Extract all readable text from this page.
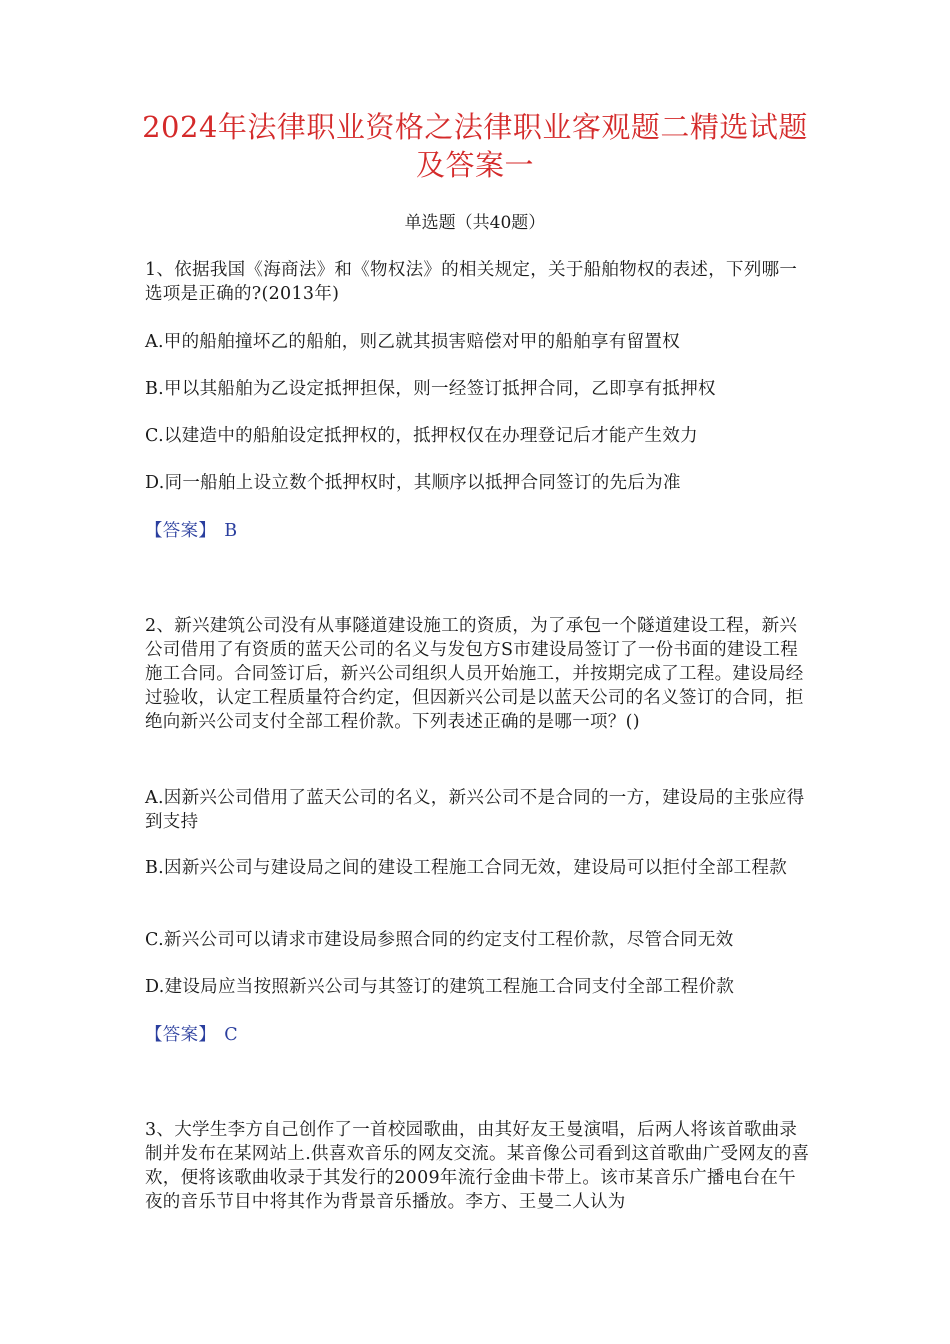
2024年法律职业资格之法律职业客观题二精选试题
及答案一
单选题（共40题）
1、依据我国《海商法》和《物权法》的相关规定，关于船舶物权的表述，下列哪一选项是正确的?(2013年)
A.甲的船舶撞坏乙的船舶，则乙就其损害赔偿对甲的船舶享有留置权
B.甲以其船舶为乙设定抵押担保，则一经签订抵押合同，乙即享有抵押权
C.以建造中的船舶设定抵押权的，抵押权仅在办理登记后才能产生效力
D.同一船舶上设立数个抵押权时，其顺序以抵押合同签订的先后为准
【答案】 B
2、新兴建筑公司没有从事隧道建设施工的资质，为了承包一个隧道建设工程，新兴公司借用了有资质的蓝天公司的名义与发包方S市建设局签订了一份书面的建设工程施工合同。合同签订后，新兴公司组织人员开始施工，并按期完成了工程。建设局经过验收，认定工程质量符合约定，但因新兴公司是以蓝天公司的名义签订的合同，拒绝向新兴公司支付全部工程价款。下列表述正确的是哪一项？()
A.因新兴公司借用了蓝天公司的名义，新兴公司不是合同的一方，建设局的主张应得到支持
B.因新兴公司与建设局之间的建设工程施工合同无效，建设局可以拒付全部工程款
C.新兴公司可以请求市建设局参照合同的约定支付工程价款，尽管合同无效
D.建设局应当按照新兴公司与其签订的建筑工程施工合同支付全部工程价款
【答案】 C
3、大学生李方自己创作了一首校园歌曲，由其好友王曼演唱，后两人将该首歌曲录制并发布在某网站上.供喜欢音乐的网友交流。某音像公司看到这首歌曲广受网友的喜欢，便将该歌曲收录于其发行的2009年流行金曲卡带上。该市某音乐广播电台在午夜的音乐节目中将其作为背景音乐播放。李方、王曼二人认为
